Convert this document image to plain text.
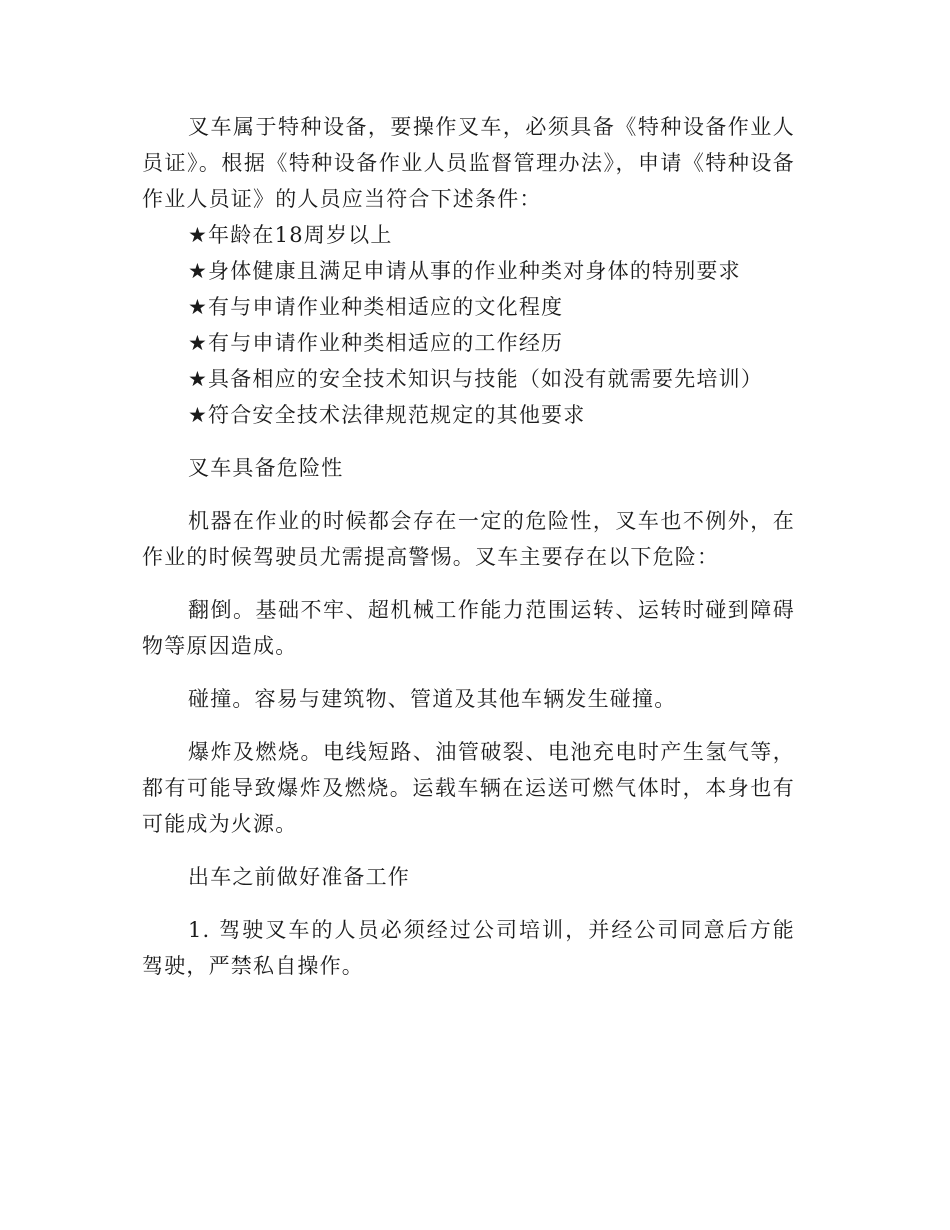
叉车属于特种设备，要操作叉车，必须具备《特种设备作业人员证》。根据《特种设备作业人员监督管理办法》，申请《特种设备作业人员证》的人员应当符合下述条件：

★年龄在18周岁以上

★身体健康且满足申请从事的作业种类对身体的特别要求

★有与申请作业种类相适应的文化程度

★有与申请作业种类相适应的工作经历

★具备相应的安全技术知识与技能（如没有就需要先培训）

★符合安全技术法律规范规定的其他要求

叉车具备危险性

机器在作业的时候都会存在一定的危险性，叉车也不例外，在作业的时候驾驶员尤需提高警惕。叉车主要存在以下危险：

翻倒。基础不牢、超机械工作能力范围运转、运转时碰到障碍物等原因造成。

碰撞。容易与建筑物、管道及其他车辆发生碰撞。

爆炸及燃烧。电线短路、油管破裂、电池充电时产生氢气等，都有可能导致爆炸及燃烧。运载车辆在运送可燃气体时，本身也有可能成为火源。

出车之前做好准备工作

1. 驾驶叉车的人员必须经过公司培训，并经公司同意后方能驾驶，严禁私自操作。
